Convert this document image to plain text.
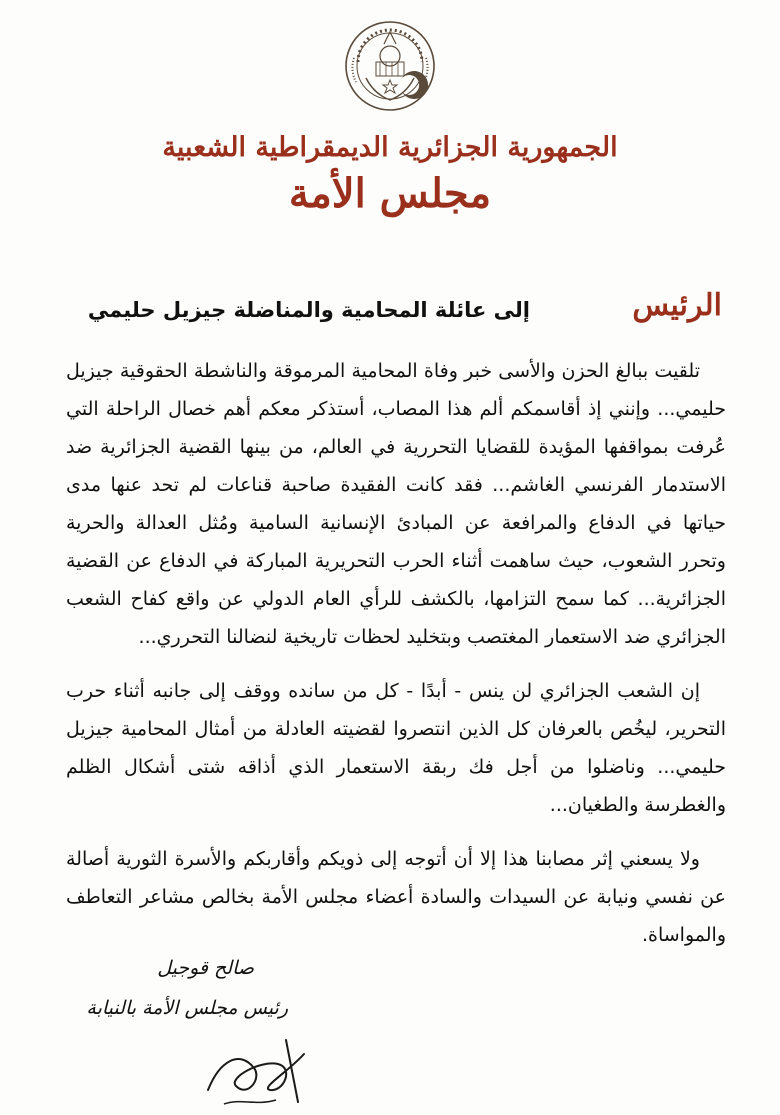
الجمهورية الجزائرية الديمقراطية الشعبية
مجلس الأمة
الرئيس
إلى عائلة المحامية والمناضلة جيزيل حليمي

تلقيت ببالغ الحزن والأسى خبر وفاة المحامية المرموقة والناشطة الحقوقية جيزيل حليمي... وإنني إذ أقاسمكم ألم هذا المصاب، أستذكر معكم أهم خصال الراحلة التي عُرفت بمواقفها المؤيدة للقضايا التحررية في العالم، من بينها القضية الجزائرية ضد الاستدمار الفرنسي الغاشم... فقد كانت الفقيدة صاحبة قناعات لم تحد عنها مدى حياتها في الدفاع والمرافعة عن المبادئ الإنسانية السامية ومُثل العدالة والحرية وتحرر الشعوب، حيث ساهمت أثناء الحرب التحريرية المباركة في الدفاع عن القضية الجزائرية... كما سمح التزامها، بالكشف للرأي العام الدولي عن واقع كفاح الشعب الجزائري ضد الاستعمار المغتصب وبتخليد لحظات تاريخية لنضالنا التحرري...

إن الشعب الجزائري لن ينس - أبدًا - كل من سانده ووقف إلى جانبه أثناء حرب التحرير، ليخُص بالعرفان كل الذين انتصروا لقضيته العادلة من أمثال المحامية جيزيل حليمي... وناضلوا من أجل فك ربقة الاستعمار الذي أذاقه شتى أشكال الظلم والغطرسة والطغيان...

ولا يسعني إثر مصابنا هذا إلا أن أتوجه إلى ذويكم وأقاربكم والأسرة الثورية أصالة عن نفسي ونيابة عن السيدات والسادة أعضاء مجلس الأمة بخالص مشاعر التعاطف والمواساة.

صالح قوجيل
رئيس مجلس الأمة بالنيابة
